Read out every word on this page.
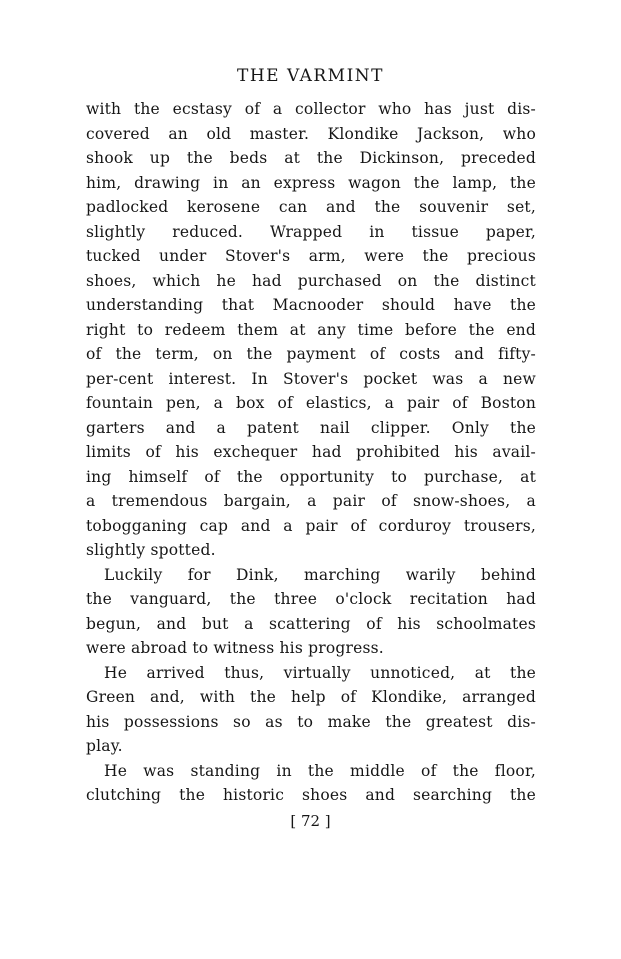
THE VARMINT
with the ecstasy of a collector who has just dis-
covered an old master. Klondike Jackson, who
shook up the beds at the Dickinson, preceded
him, drawing in an express wagon the lamp, the
padlocked kerosene can and the souvenir set,
slightly reduced. Wrapped in tissue paper,
tucked under Stover's arm, were the precious
shoes, which he had purchased on the distinct
understanding that Macnooder should have the
right to redeem them at any time before the end
of the term, on the payment of costs and fifty-
per-cent interest. In Stover's pocket was a new
fountain pen, a box of elastics, a pair of Boston
garters and a patent nail clipper. Only the
limits of his exchequer had prohibited his avail-
ing himself of the opportunity to purchase, at
a tremendous bargain, a pair of snow-shoes, a
tobogganing cap and a pair of corduroy trousers,
slightly spotted.
Luckily for Dink, marching warily behind
the vanguard, the three o'clock recitation had
begun, and but a scattering of his schoolmates
were abroad to witness his progress.
He arrived thus, virtually unnoticed, at the
Green and, with the help of Klondike, arranged
his possessions so as to make the greatest dis-
play.
He was standing in the middle of the floor,
clutching the historic shoes and searching the
[ 72 ]
